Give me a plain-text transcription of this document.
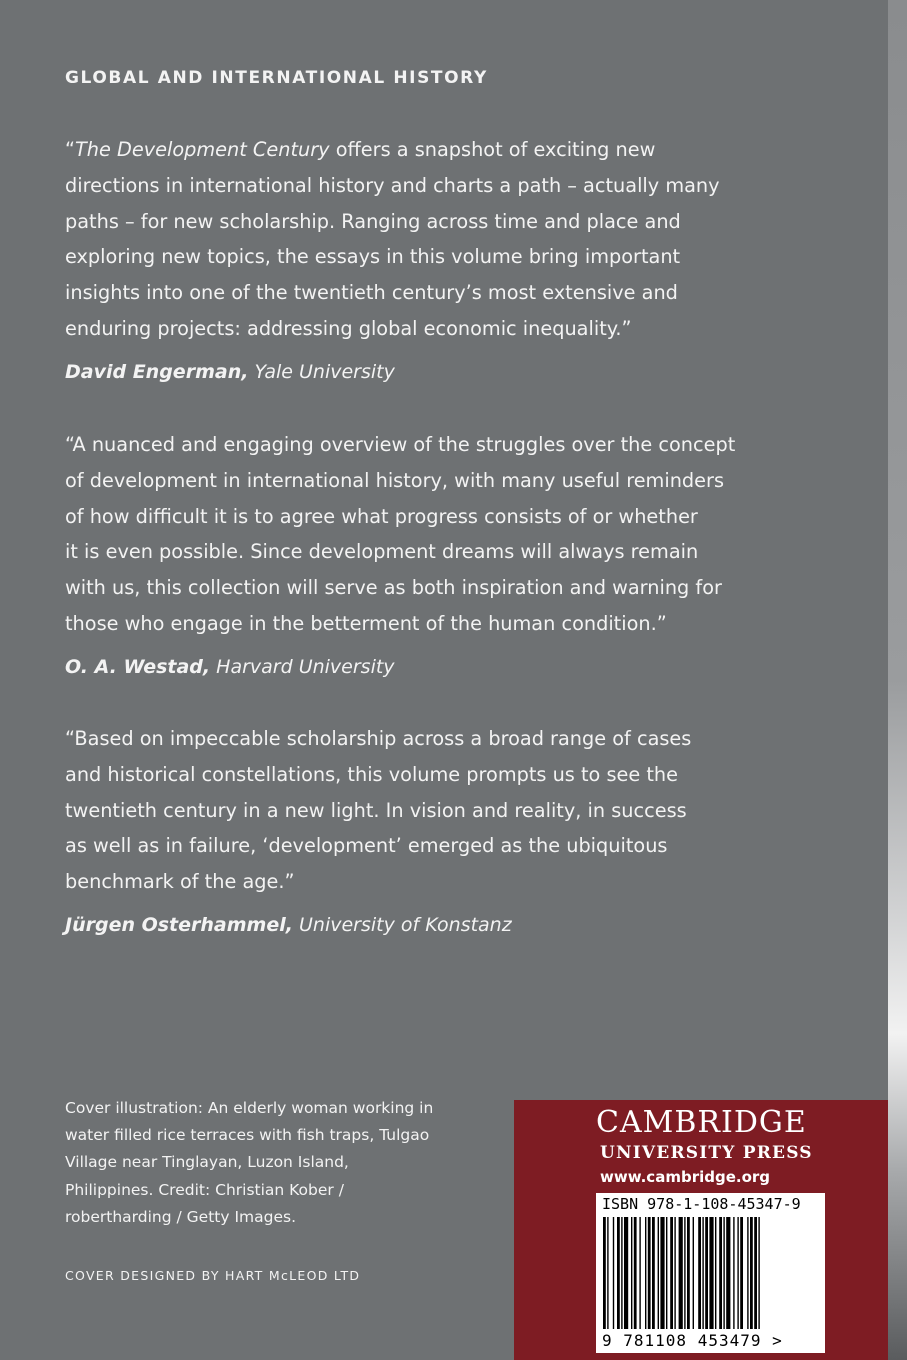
GLOBAL AND INTERNATIONAL HISTORY
“The Development Century offers a snapshot of exciting new
directions in international history and charts a path – actually many
paths – for new scholarship. Ranging across time and place and
exploring new topics, the essays in this volume bring important
insights into one of the twentieth century’s most extensive and
enduring projects: addressing global economic inequality.”
David Engerman, Yale University
“A nuanced and engaging overview of the struggles over the concept
of development in international history, with many useful reminders
of how difficult it is to agree what progress consists of or whether
it is even possible. Since development dreams will always remain
with us, this collection will serve as both inspiration and warning for
those who engage in the betterment of the human condition.”
O. A. Westad, Harvard University
“Based on impeccable scholarship across a broad range of cases
and historical constellations, this volume prompts us to see the
twentieth century in a new light. In vision and reality, in success
as well as in failure, ‘development’ emerged as the ubiquitous
benchmark of the age.”
Jürgen Osterhammel, University of Konstanz
Cover illustration: An elderly woman working in
water filled rice terraces with fish traps, Tulgao
Village near Tinglayan, Luzon Island,
Philippines. Credit: Christian Kober /
robertharding / Getty Images.
COVER DESIGNED BY HART McLEOD LTD
CAMBRIDGE
UNIVERSITY PRESS
www.cambridge.org
ISBN 978-1-108-45347-9
9 781108 453479 >
